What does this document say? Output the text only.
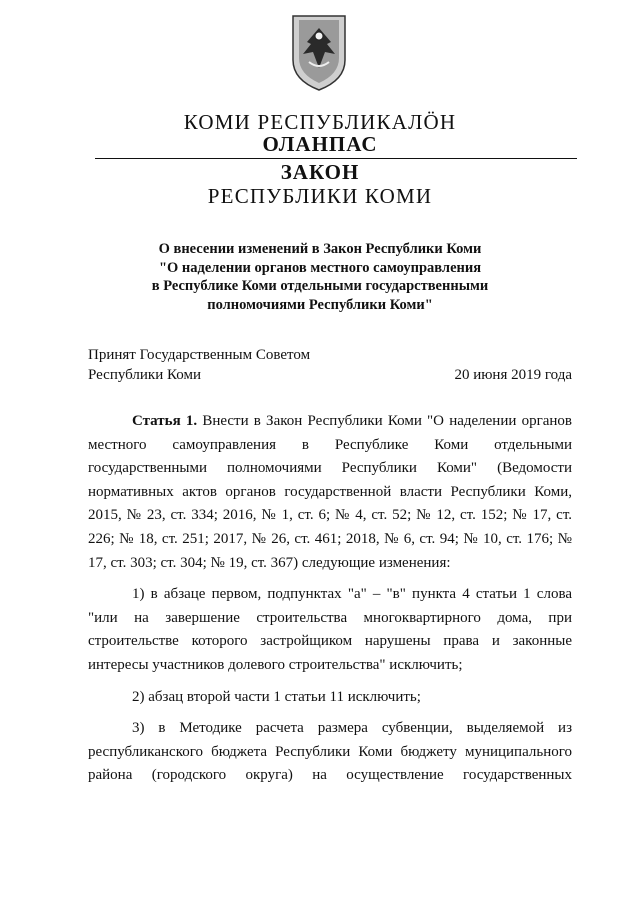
КОМИ РЕСПУБЛИКАЛÖН
ОЛАНПАС
ЗАКОН
РЕСПУБЛИКИ КОМИ
О внесении изменений в Закон Республики Коми
"О наделении органов местного самоуправления
в Республике Коми отдельными государственными
полномочиями Республики Коми"
Принят Государственным Советом
Республики Коми	20 июня 2019 года

Статья 1. Внести в Закон Республики Коми "О наделении органов местного самоуправления в Республике Коми отдельными государственными полномочиями Республики Коми" (Ведомости нормативных актов органов государственной власти Республики Коми, 2015, № 23, ст. 334; 2016, № 1, ст. 6; № 4, ст. 52; № 12, ст. 152; № 17, ст. 226; № 18, ст. 251; 2017, № 26, ст. 461; 2018, № 6, ст. 94; № 10, ст. 176; № 17, ст. 303; ст. 304; № 19, ст. 367) следующие изменения:

1) в абзаце первом, подпунктах "а" – "в" пункта 4 статьи 1 слова "или на завершение строительства многоквартирного дома, при строительстве которого застройщиком нарушены права и законные интересы участников долевого строительства" исключить;

2) абзац второй части 1 статьи 11 исключить;

3) в Методике расчета размера субвенции, выделяемой из республиканского бюджета Республики Коми бюджету муниципального района (городского округа) на осуществление государственных
